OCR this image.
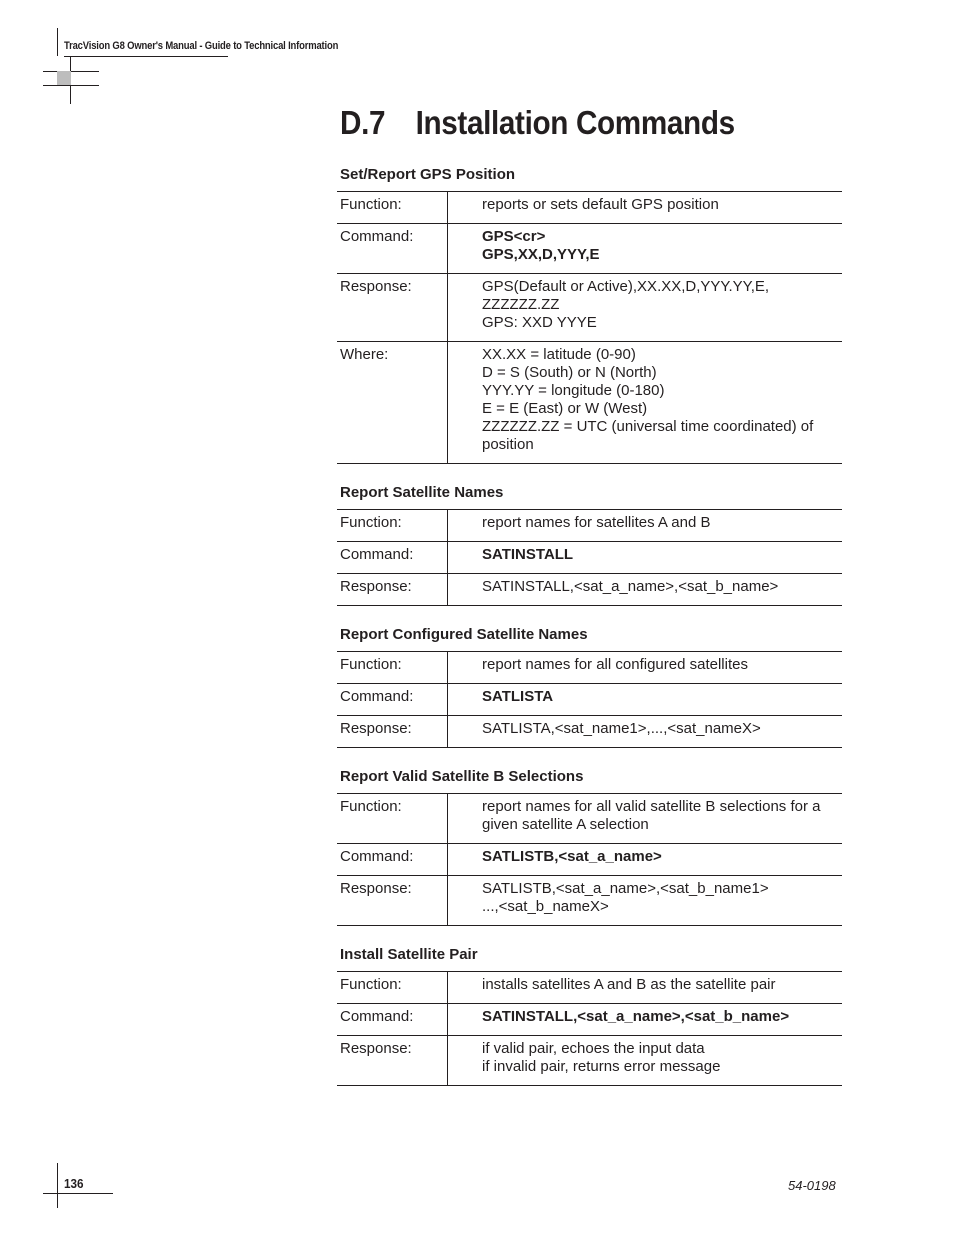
TracVision G8 Owner's Manual - Guide to Technical Information
D.7 Installation Commands
Set/Report GPS Position
Function:	reports or sets default GPS position
Command:	GPS<cr>
GPS,XX,D,YYY,E
Response:	GPS(Default or Active),XX.XX,D,YYY.YY,E,
ZZZZZZ.ZZ
GPS: XXD YYYE
Where:	XX.XX = latitude (0-90)
D = S (South) or N (North)
YYY.YY = longitude (0-180)
E = E (East) or W (West)
ZZZZZZ.ZZ = UTC (universal time coordinated) of
position
Report Satellite Names
Function:	report names for satellites A and B
Command:	SATINSTALL
Response:	SATINSTALL,<sat_a_name>,<sat_b_name>
Report Configured Satellite Names
Function:	report names for all configured satellites
Command:	SATLISTA
Response:	SATLISTA,<sat_name1>,...,<sat_nameX>
Report Valid Satellite B Selections
Function:	report names for all valid satellite B selections for a
given satellite A selection
Command:	SATLISTB,<sat_a_name>
Response:	SATLISTB,<sat_a_name>,<sat_b_name1>
...,<sat_b_nameX>
Install Satellite Pair
Function:	installs satellites A and B as the satellite pair
Command:	SATINSTALL,<sat_a_name>,<sat_b_name>
Response:	if valid pair, echoes the input data
if invalid pair, returns error message
136	54-0198
